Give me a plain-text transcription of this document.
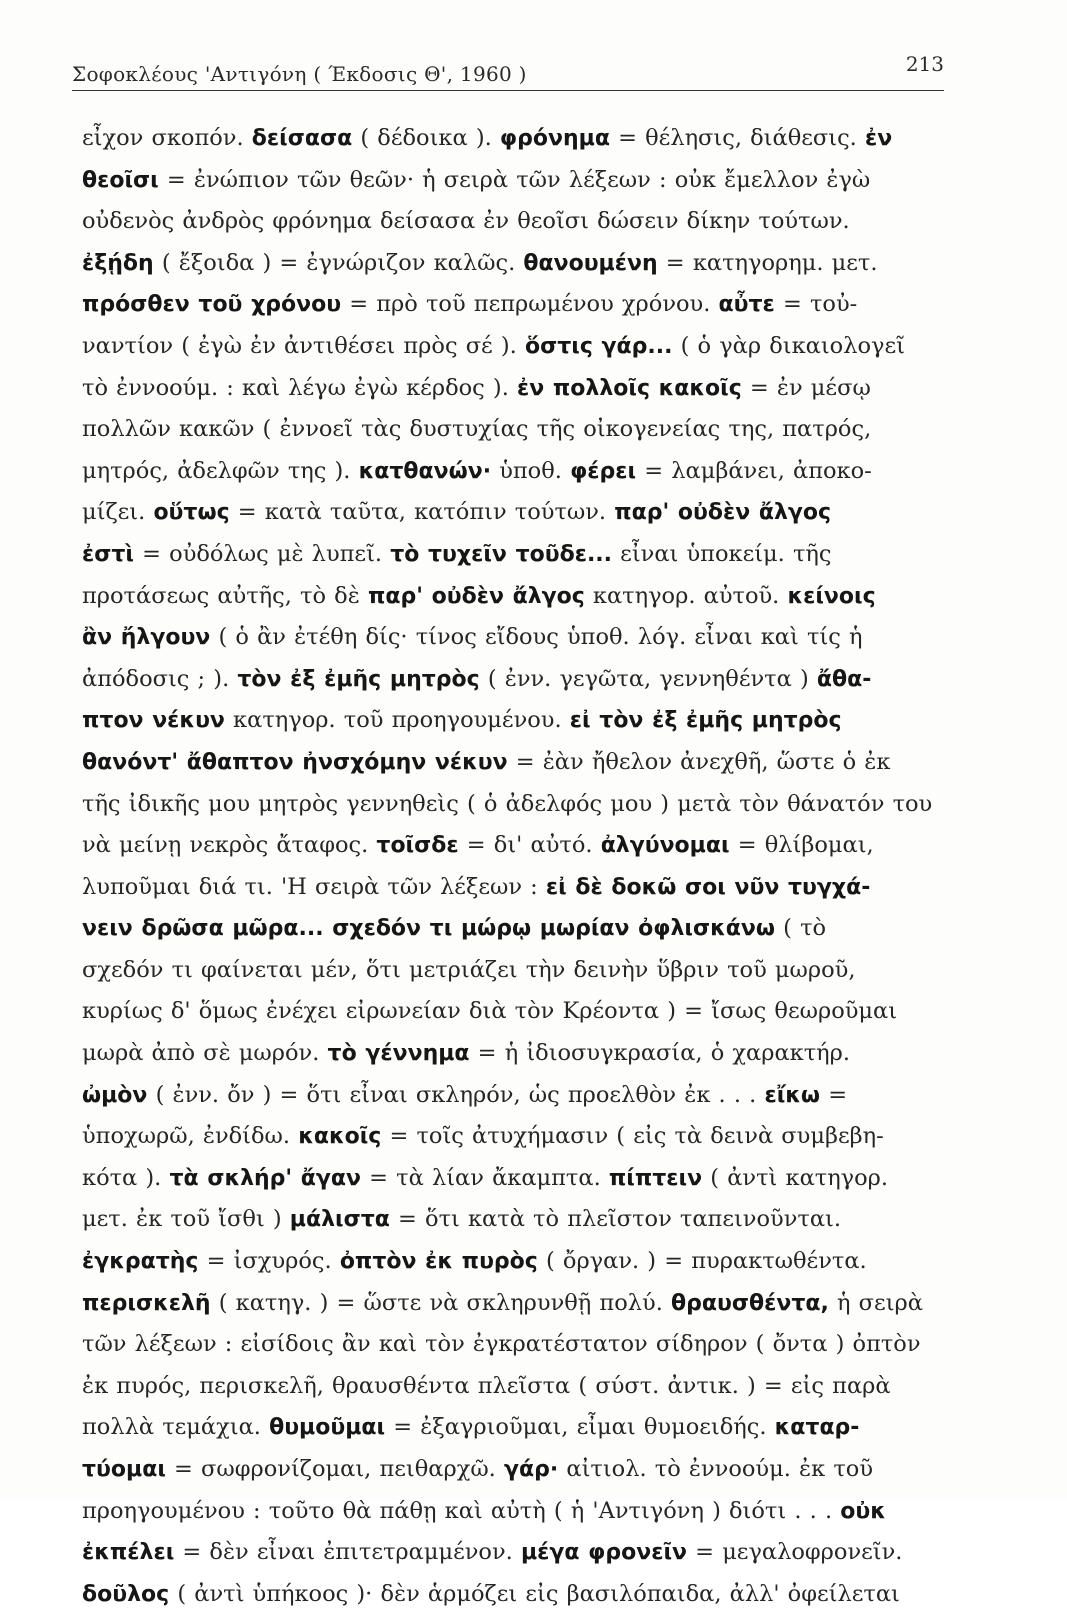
Σοφοκλέους 'Αντιγόνη ( Έκδοσις Θ', 1960 )	213
εἶχον σκοπόν. δείσασα ( δέδοικα ). φρόνημα = θέλησις, διάθεσις. ἐν
θεοῖσι = ἐνώπιον τῶν θεῶν· ἡ σειρὰ τῶν λέξεων : οὐκ ἔμελλον ἐγὼ
οὐδενὸς ἀνδρὸς φρόνημα δείσασα ἐν θεοῖσι δώσειν δίκην τούτων.
ἐξῄδη ( ἔξοιδα ) = ἐγνώριζον καλῶς. θανουμένη = κατηγορημ. μετ.
πρόσθεν τοῦ χρόνου = πρὸ τοῦ πεπρωμένου χρόνου. αὖτε = τοὐ-
ναντίον ( ἐγὼ ἐν ἀντιθέσει πρὸς σέ ). ὅστις γάρ... ( ὁ γὰρ δικαιολογεῖ
τὸ ἐννοούμ. : καὶ λέγω ἐγὼ κέρδος ). ἐν πολλοῖς κακοῖς = ἐν μέσῳ
πολλῶν κακῶν ( ἐννοεῖ τὰς δυστυχίας τῆς οἰκογενείας της, πατρός,
μητρός, ἀδελφῶν της ). κατθανών· ὑποθ. φέρει = λαμβάνει, ἀποκο-
μίζει. οὕτως = κατὰ ταῦτα, κατόπιν τούτων. παρ' οὐδὲν ἄλγος
ἐστὶ = οὐδόλως μὲ λυπεῖ. τὸ τυχεῖν τοῦδε... εἶναι ὑποκείμ. τῆς
προτάσεως αὐτῆς, τὸ δὲ παρ' οὐδὲν ἄλγος κατηγορ. αὐτοῦ. κείνοις
ἂν ἤλγουν ( ὁ ἂν ἐτέθη δίς· τίνος εἴδους ὑποθ. λόγ. εἶναι καὶ τίς ἡ
ἀπόδοσις ; ). τὸν ἐξ ἐμῆς μητρὸς ( ἐνν. γεγῶτα, γεννηθέντα ) ἄθα-
πτον νέκυν κατηγορ. τοῦ προηγουμένου. εἰ τὸν ἐξ ἐμῆς μητρὸς
θανόντ' ἄθαπτον ἠνσχόμην νέκυν = ἐὰν ἤθελον ἀνεχθῆ, ὥστε ὁ ἐκ
τῆς ἰδικῆς μου μητρὸς γεννηθεὶς ( ὁ ἀδελφός μου ) μετὰ τὸν θάνατόν του
νὰ μείνῃ νεκρὸς ἄταφος. τοῖσδε = δι' αὐτό. ἀλγύνομαι = θλίβομαι,
λυποῦμαι διά τι. 'Η σειρὰ τῶν λέξεων : εἰ δὲ δοκῶ σοι νῦν τυγχά-
νειν δρῶσα μῶρα... σχεδόν τι μώρῳ μωρίαν ὀφλισκάνω ( τὸ
σχεδόν τι φαίνεται μέν, ὅτι μετριάζει τὴν δεινὴν ὕβριν τοῦ μωροῦ,
κυρίως δ' ὅμως ἐνέχει εἰρωνείαν διὰ τὸν Κρέοντα ) = ἴσως θεωροῦμαι
μωρὰ ἀπὸ σὲ μωρόν. τὸ γέννημα = ἡ ἰδιοσυγκρασία, ὁ χαρακτήρ.
ὠμὸν ( ἐνν. ὄν ) = ὅτι εἶναι σκληρόν, ὡς προελθὸν ἐκ . . . εἴκω =
ὑποχωρῶ, ἐνδίδω. κακοῖς = τοῖς ἀτυχήμασιν ( εἰς τὰ δεινὰ συμβεβη-
κότα ). τὰ σκλήρ' ἄγαν = τὰ λίαν ἄκαμπτα. πίπτειν ( ἀντὶ κατηγορ.
μετ. ἐκ τοῦ ἴσθι ) μάλιστα = ὅτι κατὰ τὸ πλεῖστον ταπεινοῦνται.
ἐγκρατὴς = ἰσχυρός. ὀπτὸν ἐκ πυρὸς ( ὄργαν. ) = πυρακτωθέντα.
περισκελῆ ( κατηγ. ) = ὥστε νὰ σκληρυνθῇ πολύ. θραυσθέντα, ἡ σειρὰ
τῶν λέξεων : εἰσίδοις ἂν καὶ τὸν ἐγκρατέστατον σίδηρον ( ὄντα ) ὀπτὸν
ἐκ πυρός, περισκελῆ, θραυσθέντα πλεῖστα ( σύστ. ἀντικ. ) = εἰς παρὰ
πολλὰ τεμάχια. θυμοῦμαι = ἐξαγριοῦμαι, εἶμαι θυμοειδής. καταρ-
τύομαι = σωφρονίζομαι, πειθαρχῶ. γάρ· αἰτιολ. τὸ ἐννοούμ. ἐκ τοῦ
προηγουμένου : τοῦτο θὰ πάθῃ καὶ αὐτὴ ( ἡ 'Αντιγόνη ) διότι . . . οὐκ
ἐκπέλει = δὲν εἶναι ἐπιτετραμμένον. μέγα φρονεῖν = μεγαλοφρονεῖν.
δοῦλος ( ἀντὶ ὑπήκοος )· δὲν ἁρμόζει εἰς βασιλόπαιδα, ἀλλ' ὀφείλεται
